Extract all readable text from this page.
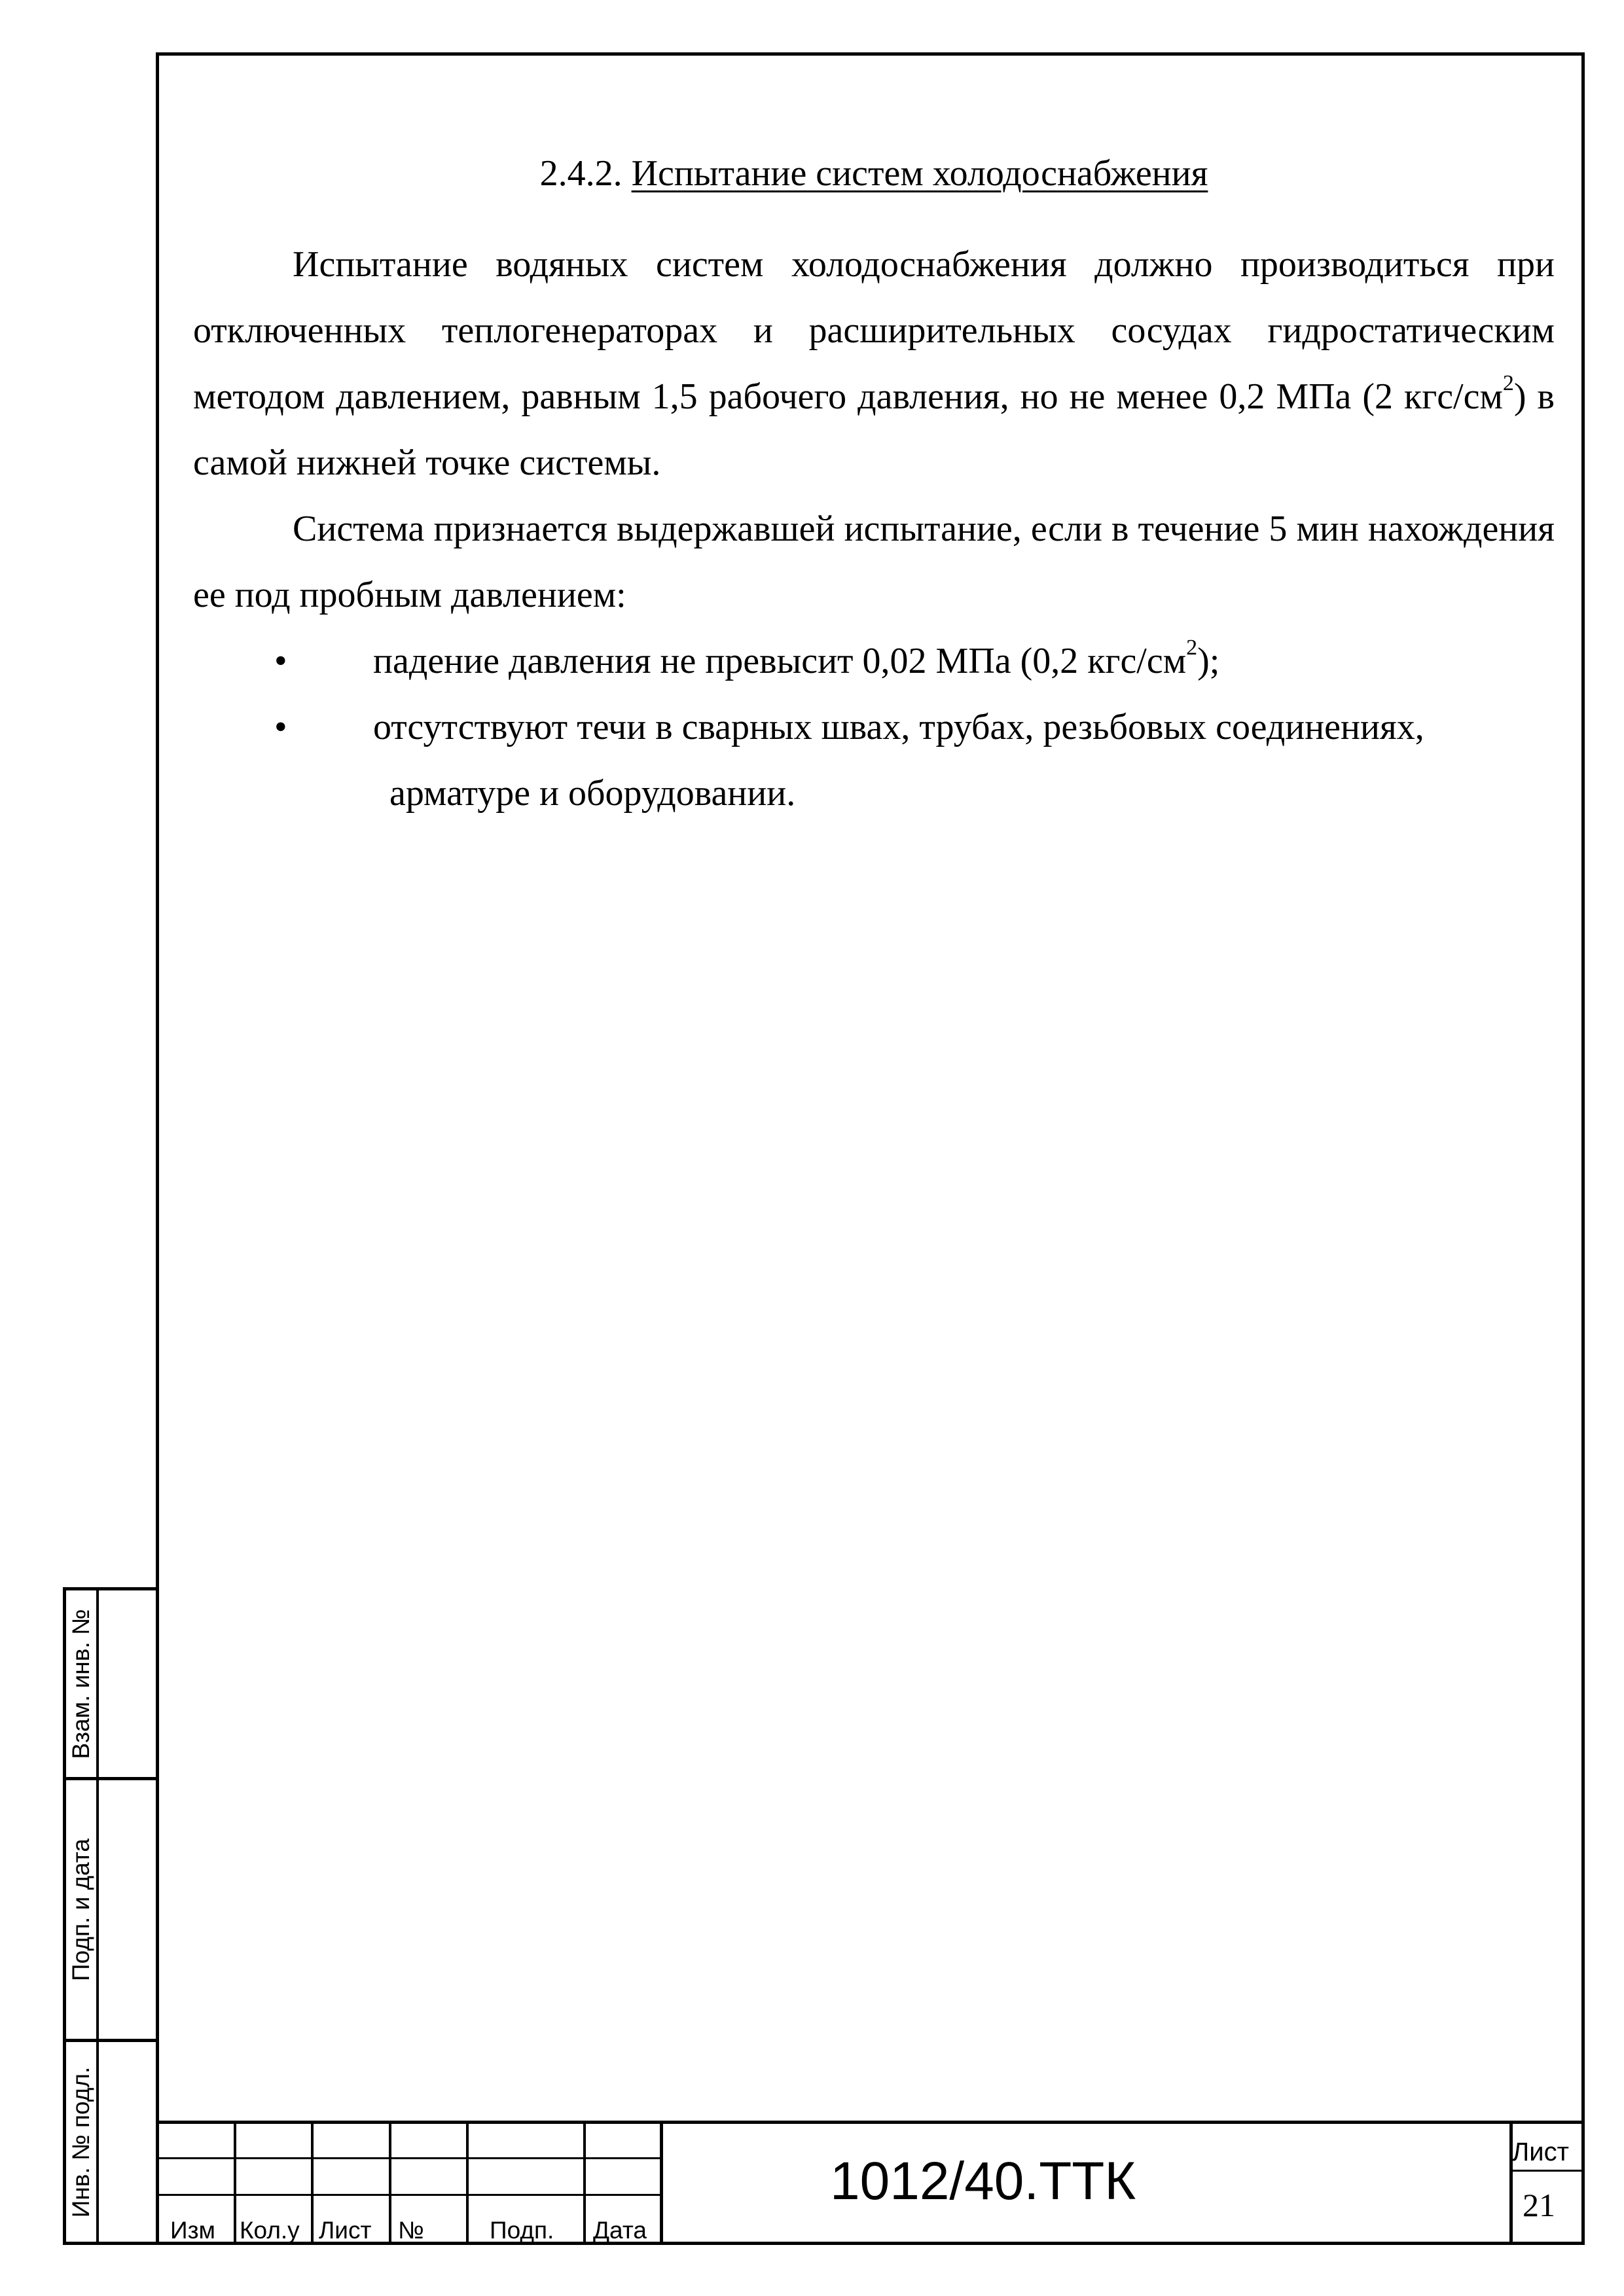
2.4.2. Испытание систем холодоснабжения

Испытание водяных систем холодоснабжения должно производиться при отключенных теплогенераторах и расширительных сосудах гидростатическим методом давлением, равным 1,5 рабочего давления, но не менее 0,2 МПа (2 кгс/$см^2$) в самой нижней точке системы.

Система признается выдержавшей испытание, если в течение 5 мин нахождения ее под пробным давлением:

• падение давления не превысит 0,02 МПа (0,2 кгс/$см^2$);
• отсутствуют течи в сварных швах, трубах, резьбовых соединениях,
арматуре и оборудовании.
Взам. инв. №
Подп. и дата
Инв. № подл.
Изм Кол.у Лист №	Подп. Дата
1012/40.ТТК	Лист
21
